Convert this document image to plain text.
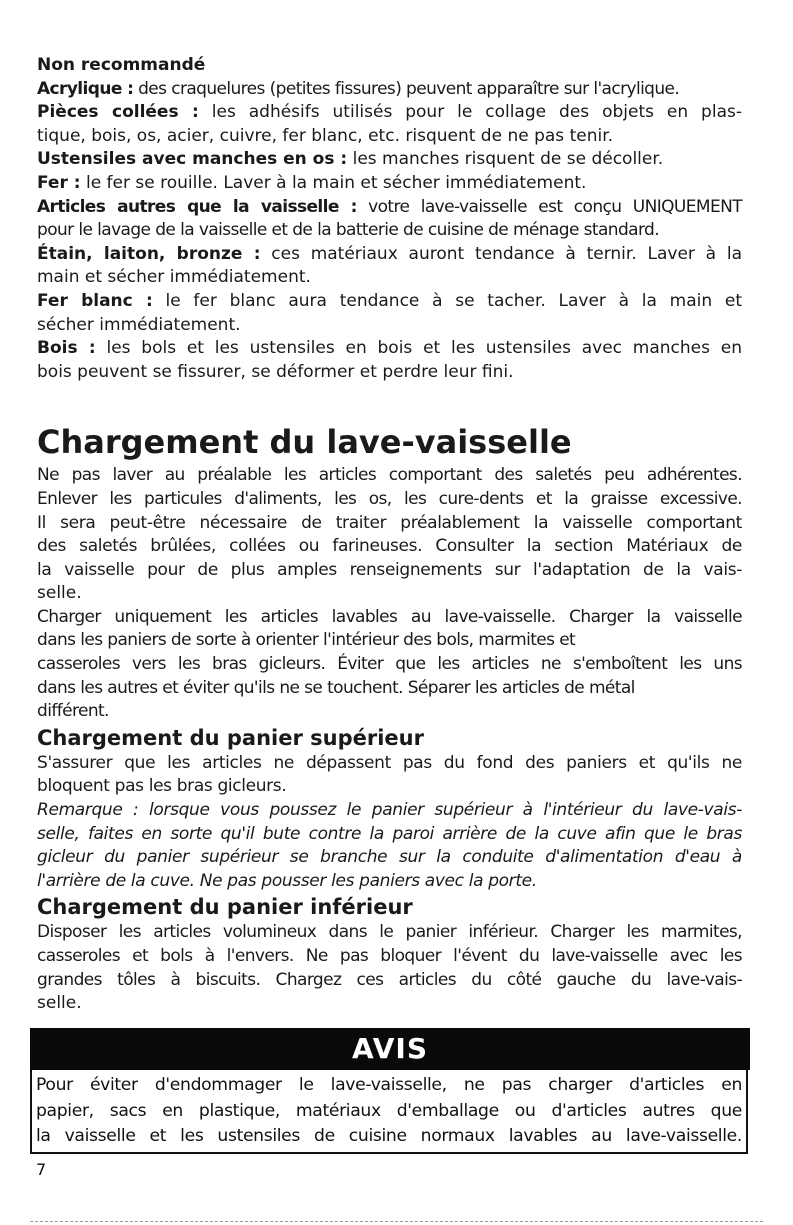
Non recommandé
Acrylique : des craquelures (petites fissures) peuvent apparaître sur l'acrylique.
Pièces collées : les adhésifs utilisés pour le collage des objets en plas-
tique, bois, os, acier, cuivre, fer blanc, etc. risquent de ne pas tenir.
Ustensiles avec manches en os : les manches risquent de se décoller.
Fer : le fer se rouille. Laver à la main et sécher immédiatement.
Articles autres que la vaisselle : votre lave-vaisselle est conçu UNIQUEMENT
pour le lavage de la vaisselle et de la batterie de cuisine de ménage standard.
Étain, laiton, bronze : ces matériaux auront tendance à ternir. Laver à la
main et sécher immédiatement.
Fer blanc : le fer blanc aura tendance à se tacher. Laver à la main et
sécher immédiatement.
Bois : les bols et les ustensiles en bois et les ustensiles avec manches en
bois peuvent se fissurer, se déformer et perdre leur fini.
Chargement du lave-vaisselle
Ne pas laver au préalable les articles comportant des saletés peu adhérentes.
Enlever les particules d'aliments, les os, les cure-dents et la graisse excessive.
Il sera peut-être nécessaire de traiter préalablement la vaisselle comportant
des saletés brûlées, collées ou farineuses. Consulter la section Matériaux de
la vaisselle pour de plus amples renseignements sur l'adaptation de la vais-
selle.
Charger uniquement les articles lavables au lave-vaisselle. Charger la vaisselle
dans les paniers de sorte à orienter l'intérieur des bols, marmites et
casseroles vers les bras gicleurs. Éviter que les articles ne s'emboîtent les uns
dans les autres et éviter qu'ils ne se touchent. Séparer les articles de métal
différent.
Chargement du panier supérieur
S'assurer que les articles ne dépassent pas du fond des paniers et qu'ils ne
bloquent pas les bras gicleurs.
Remarque : lorsque vous poussez le panier supérieur à l'intérieur du lave-vais-
selle, faites en sorte qu'il bute contre la paroi arrière de la cuve afin que le bras
gicleur du panier supérieur se branche sur la conduite d'alimentation d'eau à
l'arrière de la cuve. Ne pas pousser les paniers avec la porte.
Chargement du panier inférieur
Disposer les articles volumineux dans le panier inférieur. Charger les marmites,
casseroles et bols à l'envers. Ne pas bloquer l'évent du lave-vaisselle avec les
grandes tôles à biscuits. Chargez ces articles du côté gauche du lave-vais-
selle.
AVIS
Pour éviter d'endommager le lave-vaisselle, ne pas charger d'articles en
papier, sacs en plastique, matériaux d'emballage ou d'articles autres que
la vaisselle et les ustensiles de cuisine normaux lavables au lave-vaisselle.
7
